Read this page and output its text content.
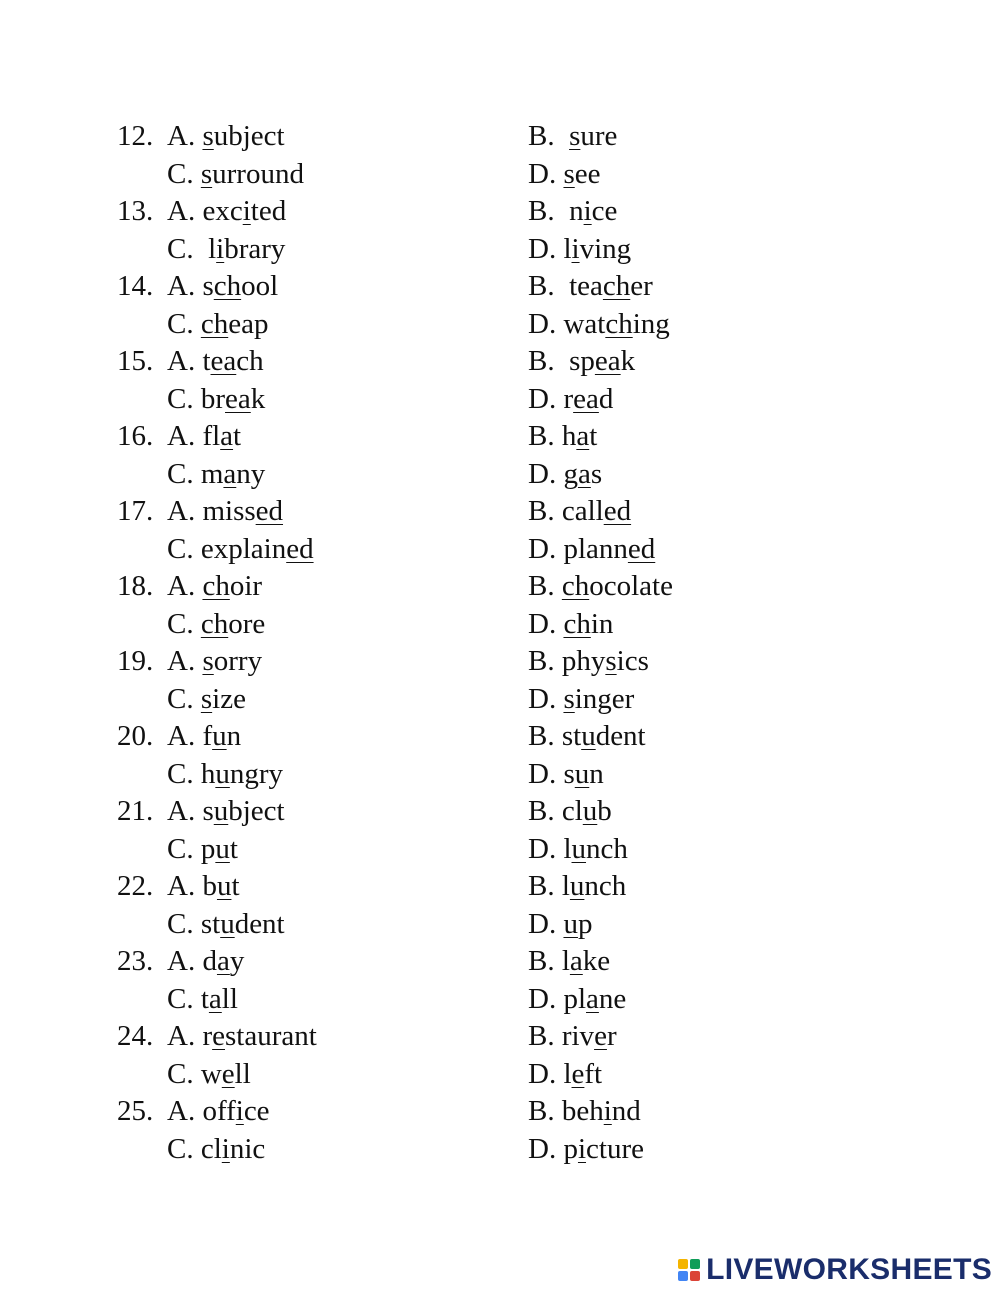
12. A. subject	B. sure
C. surround	D. see
13. A. excited	B.  nice
C.  library	D. living
14. A. school	B.  teacher
C. cheap	D. watching
15. A. teach	B.  speak
C. break	D. read
16. A. flat	B. hat
C. many	D. gas
17. A. missed	B. called
C. explained	D. planned
18. A. choir	B. chocolate
C. chore	D. chin
19. A. sorry	B. physics
C. size	D. singer
20. A. fun	B. student
C. hungry	D. sun
21. A. subject	B. club
C. put	D. lunch
22. A. but	B. lunch
C. student	D. up
23. A. day	B. lake
C. tall	D. plane
24. A. restaurant	B. river
C. well	D. left
25. A. office	B. behind
C. clinic	D. picture
LIVEWORKSHEETS
